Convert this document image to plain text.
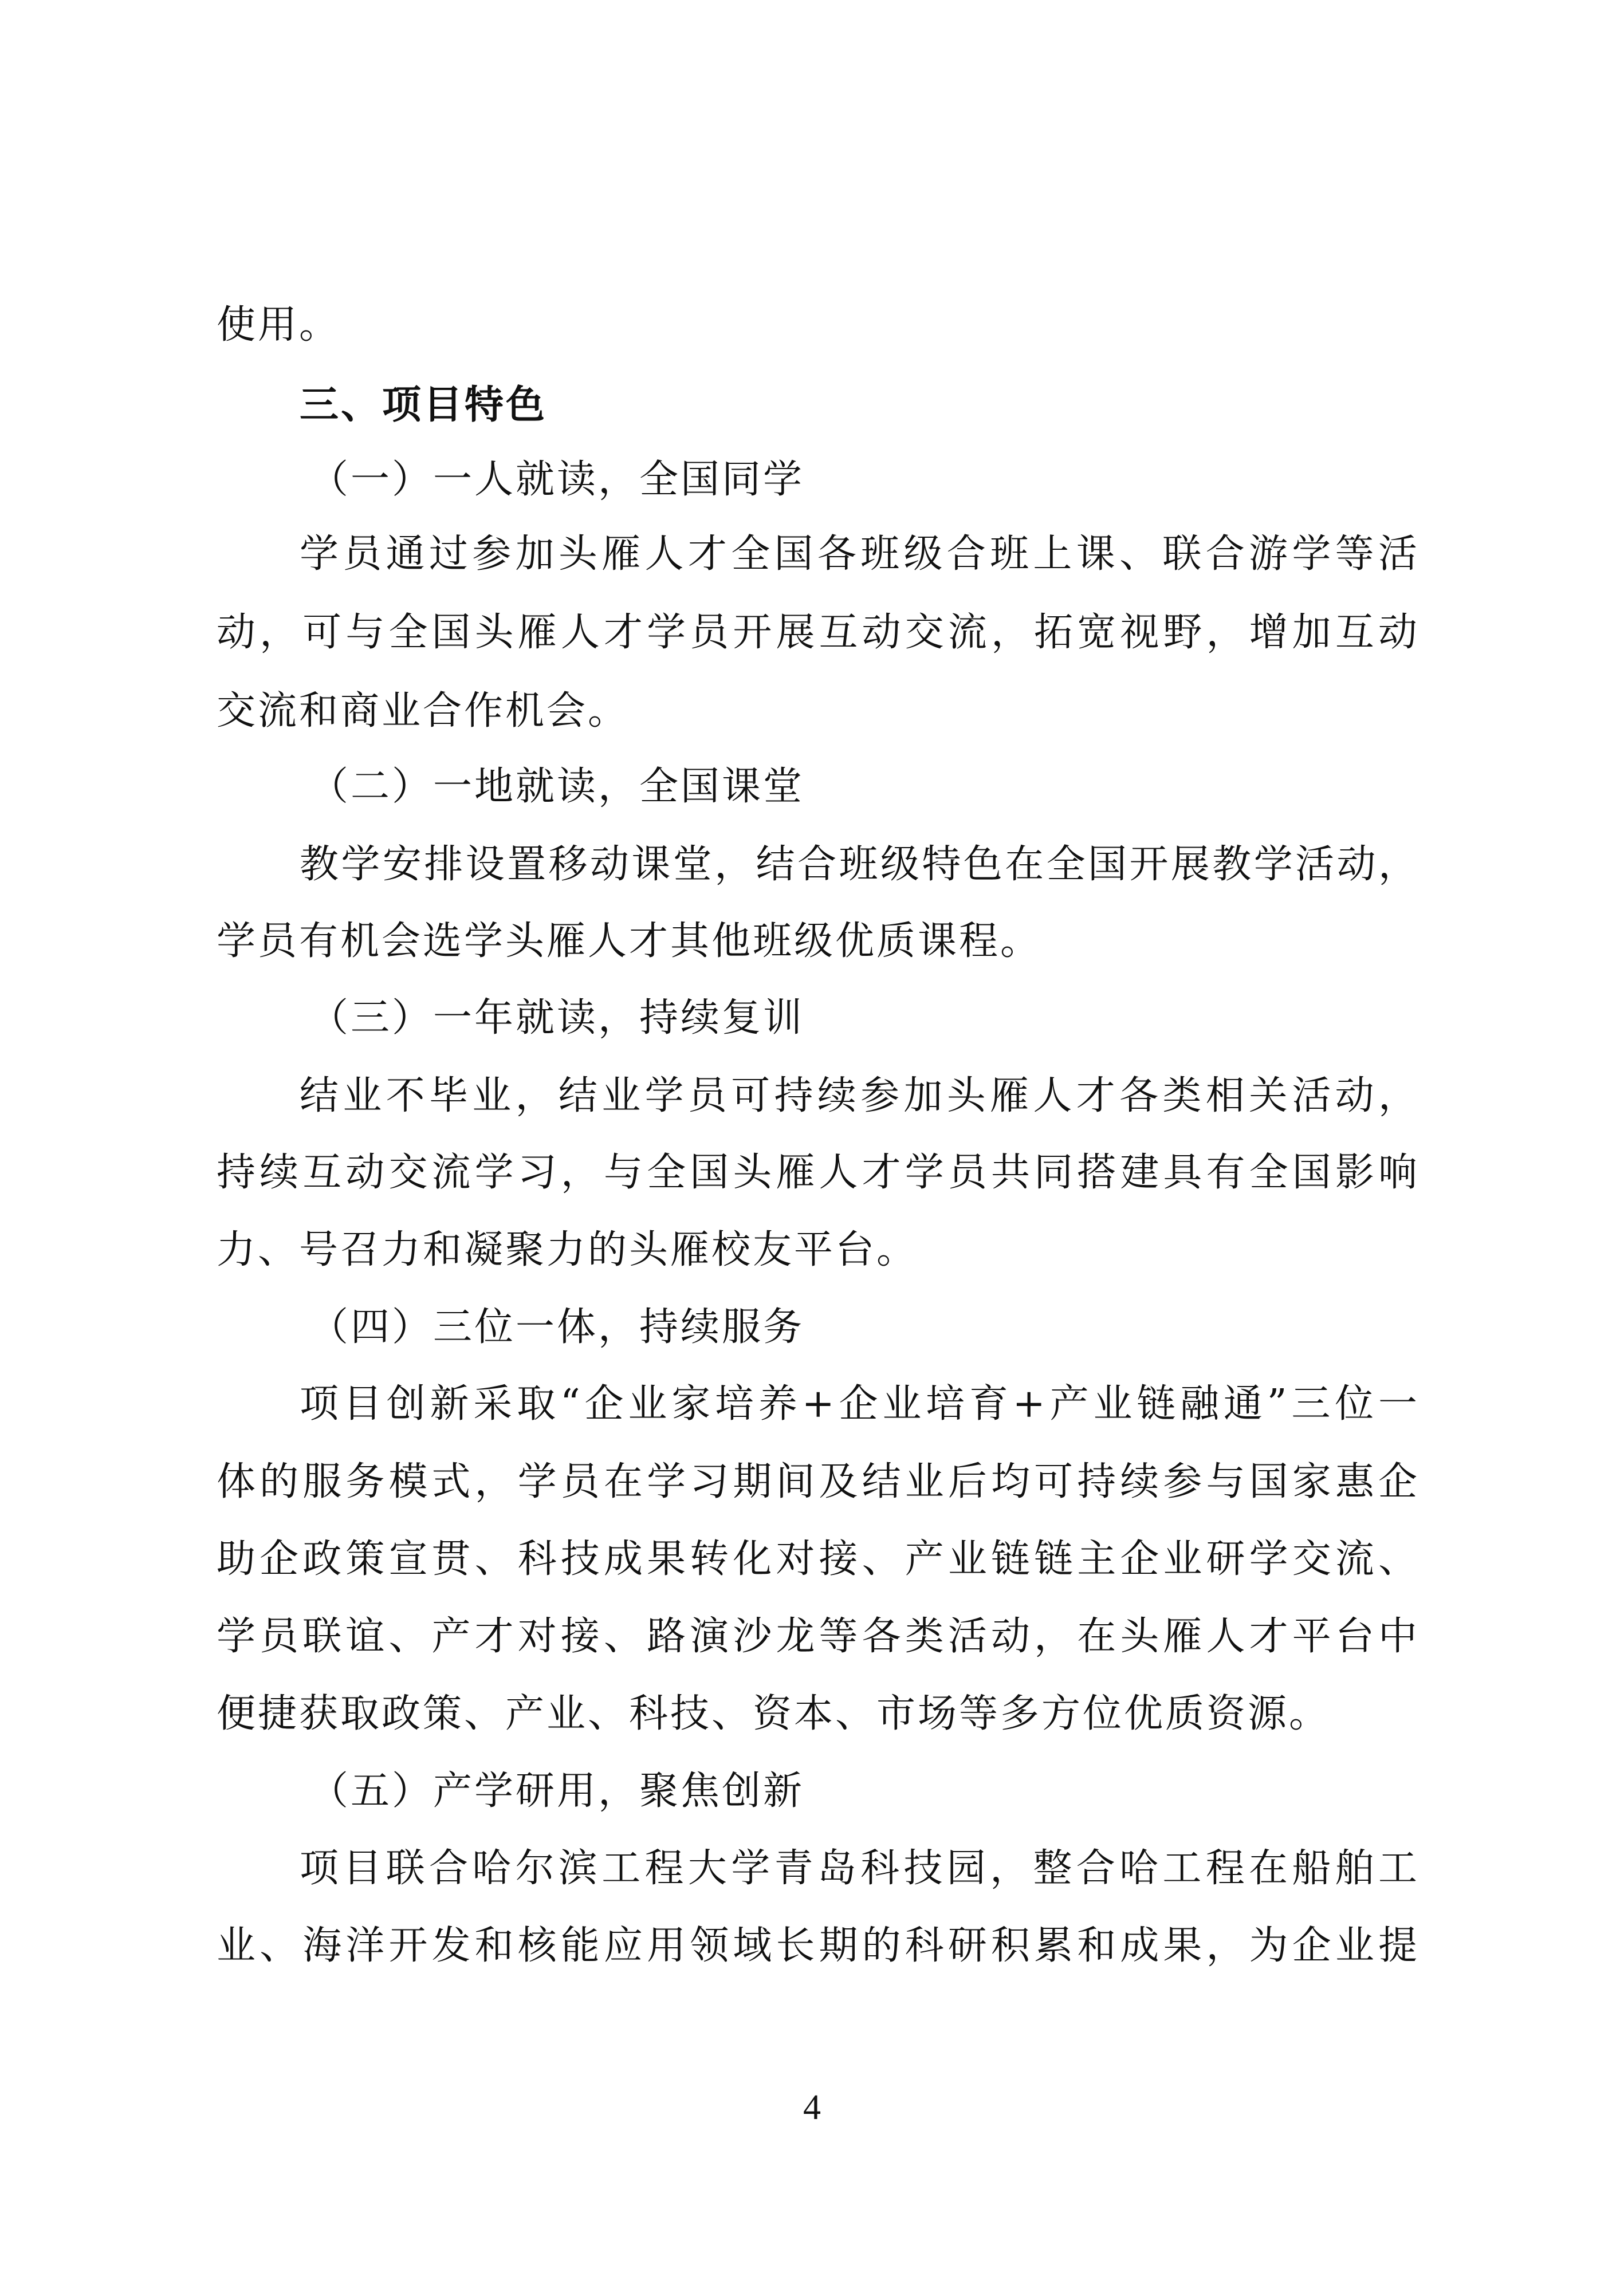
使用。
三、项目特色
（一）一人就读，全国同学
学员通过参加头雁人才全国各班级合班上课、联合游学等活
动，可与全国头雁人才学员开展互动交流，拓宽视野，增加互动
交流和商业合作机会。
（二）一地就读，全国课堂
教学安排设置移动课堂，结合班级特色在全国开展教学活动，
学员有机会选学头雁人才其他班级优质课程。
（三）一年就读，持续复训
结业不毕业，结业学员可持续参加头雁人才各类相关活动，
持续互动交流学习，与全国头雁人才学员共同搭建具有全国影响
力、号召力和凝聚力的头雁校友平台。
（四）三位一体，持续服务
项目创新采取“企业家培养+企业培育+产业链融通”三位一
体的服务模式，学员在学习期间及结业后均可持续参与国家惠企
助企政策宣贯、科技成果转化对接、产业链链主企业研学交流、
学员联谊、产才对接、路演沙龙等各类活动，在头雁人才平台中
便捷获取政策、产业、科技、资本、市场等多方位优质资源。
（五）产学研用，聚焦创新
项目联合哈尔滨工程大学青岛科技园，整合哈工程在船舶工
业、海洋开发和核能应用领域长期的科研积累和成果，为企业提
4
